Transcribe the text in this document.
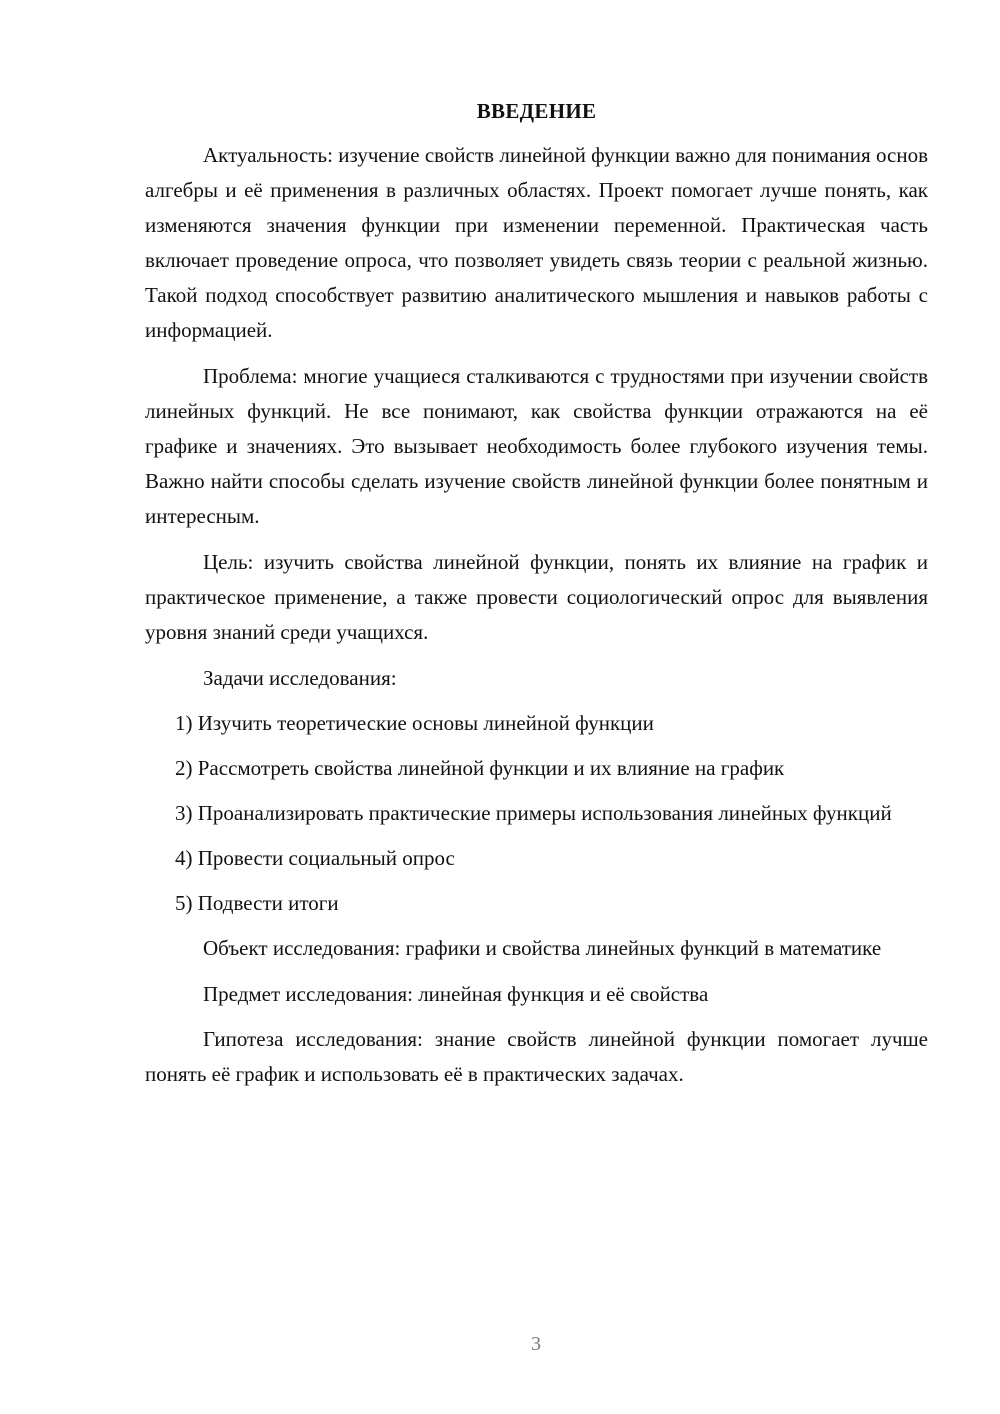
ВВЕДЕНИЕ

Актуальность: изучение свойств линейной функции важно для понимания основ алгебры и её применения в различных областях. Проект помогает лучше понять, как изменяются значения функции при изменении переменной. Практическая часть включает проведение опроса, что позволяет увидеть связь теории с реальной жизнью. Такой подход способствует развитию аналитического мышления и навыков работы с информацией.

Проблема: многие учащиеся сталкиваются с трудностями при изучении свойств линейных функций. Не все понимают, как свойства функции отражаются на её графике и значениях. Это вызывает необходимость более глубокого изучения темы. Важно найти способы сделать изучение свойств линейной функции более понятным и интересным.

Цель: изучить свойства линейной функции, понять их влияние на график и практическое применение, а также провести социологический опрос для выявления уровня знаний среди учащихся.

Задачи исследования:

1) Изучить теоретические основы линейной функции

2) Рассмотреть свойства линейной функции и их влияние на график

3) Проанализировать практические примеры использования линейных функций

4) Провести социальный опрос

5) Подвести итоги

Объект исследования: графики и свойства линейных функций в математике

Предмет исследования: линейная функция и её свойства

Гипотеза исследования: знание свойств линейной функции помогает лучше понять её график и использовать её в практических задачах.

3
